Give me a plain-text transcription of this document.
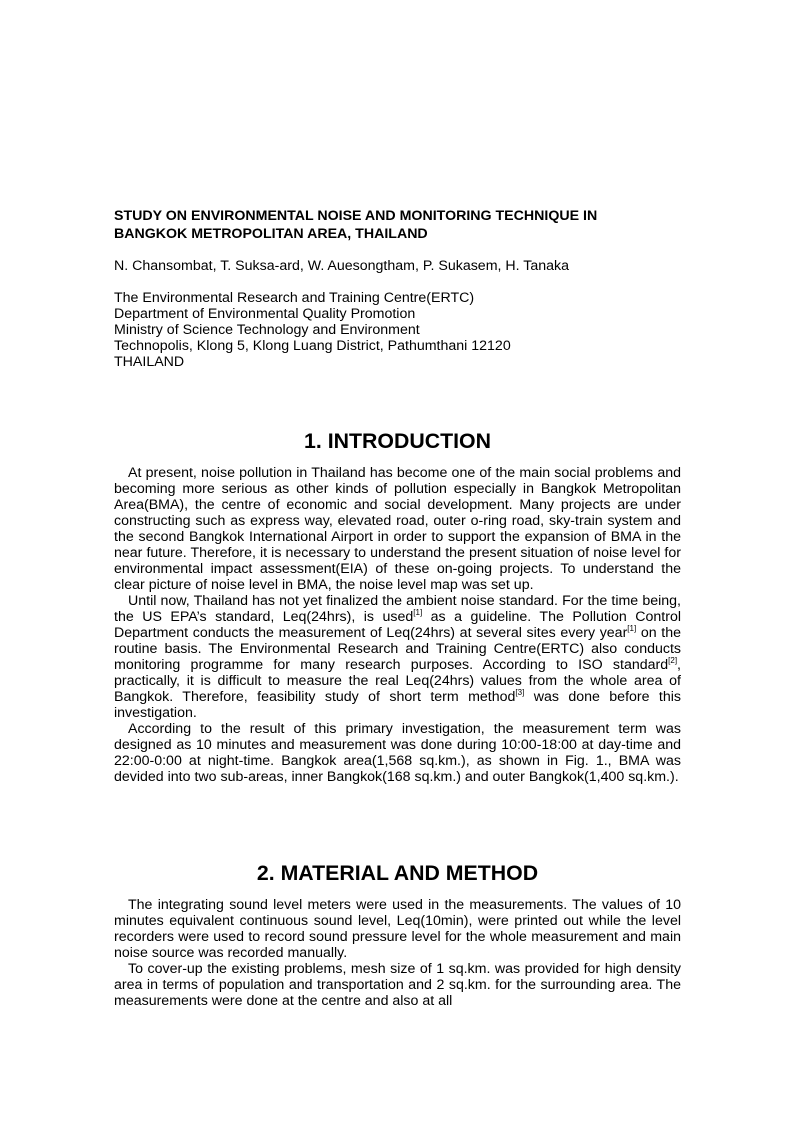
STUDY ON ENVIRONMENTAL NOISE AND MONITORING TECHNIQUE IN
BANGKOK METROPOLITAN AREA, THAILAND

N. Chansombat, T. Suksa-ard, W. Auesongtham, P. Sukasem, H. Tanaka

The Environmental Research and Training Centre(ERTC)
Department of Environmental Quality Promotion
Ministry of Science Technology and Environment
Technopolis, Klong 5, Klong Luang District, Pathumthani 12120
THAILAND
1. INTRODUCTION

At present, noise pollution in Thailand has become one of the main social problems and becoming more serious as other kinds of pollution especially in Bangkok Metropolitan Area(BMA), the centre of economic and social development. Many projects are under constructing such as express way, elevated road, outer o-ring road, sky-train system and the second Bangkok International Airport in order to support the expansion of BMA in the near future. Therefore, it is necessary to understand the present situation of noise level for environmental impact assessment(EIA) of these on-going projects. To understand the clear picture of noise level in BMA, the noise level map was set up.

Until now, Thailand has not yet finalized the ambient noise standard. For the time being, the US EPA’s standard, Leq(24hrs), is used[1] as a guideline. The Pollution Control Department conducts the measurement of Leq(24hrs) at several sites every year[1] on the routine basis. The Environmental Research and Training Centre(ERTC) also conducts monitoring programme for many research purposes. According to ISO standard[2], practically, it is difficult to measure the real Leq(24hrs) values from the whole area of Bangkok. Therefore, feasibility study of short term method[3] was done before this investigation.

According to the result of this primary investigation, the measurement term was designed as 10 minutes and measurement was done during 10:00-18:00 at day-time and 22:00-0:00 at night-time. Bangkok area(1,568 sq.km.), as shown in Fig. 1., BMA was devided into two sub-areas, inner Bangkok(168 sq.km.) and outer Bangkok(1,400 sq.km.).

2. MATERIAL AND METHOD

The integrating sound level meters were used in the measurements. The values of 10 minutes equivalent continuous sound level, Leq(10min), were printed out while the level recorders were used to record sound pressure level for the whole measurement and main noise source was recorded manually.

To cover-up the existing problems, mesh size of 1 sq.km. was provided for high density area in terms of population and transportation and 2 sq.km. for the surrounding area. The measurements were done at the centre and also at all
